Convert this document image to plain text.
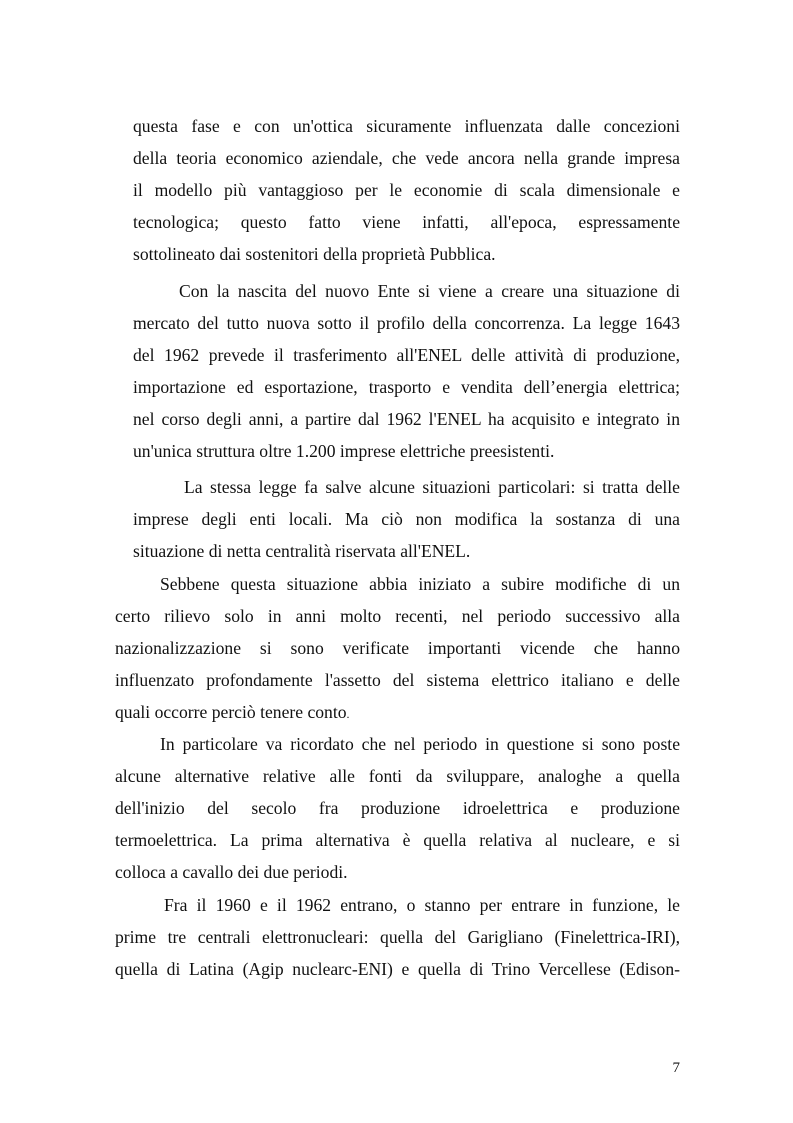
questa fase e con un'ottica sicuramente influenzata dalle concezioni

della teoria economico aziendale, che vede ancora nella grande impresa

il modello più vantaggioso per le economie di scala dimensionale e

tecnologica; questo fatto viene infatti, all'epoca, espressamente

sottolineato dai sostenitori della proprietà Pubblica.

Con la nascita del nuovo Ente si viene a creare una situazione di

mercato del tutto nuova sotto il profilo della concorrenza. La legge 1643

del 1962 prevede il trasferimento all'ENEL delle attività di produzione,

importazione ed esportazione, trasporto e vendita dell’energia elettrica;

nel corso degli anni, a partire dal 1962 l'ENEL ha acquisito e integrato in

un'unica struttura oltre 1.200 imprese elettriche preesistenti.

La stessa legge fa salve alcune situazioni particolari: si tratta delle

imprese degli enti locali. Ma ciò non modifica la sostanza di una

situazione di netta centralità riservata all'ENEL.

Sebbene questa situazione abbia iniziato a subire modifiche di un

certo rilievo solo in anni molto recenti, nel periodo successivo alla

nazionalizzazione si sono verificate importanti vicende che hanno

influenzato profondamente l'assetto del sistema elettrico italiano e delle

quali occorre perciò tenere conto.

In particolare va ricordato che nel periodo in questione si sono poste

alcune alternative relative alle fonti da sviluppare, analoghe a quella

dell'inizio del secolo fra produzione idroelettrica e produzione

termoelettrica. La prima alternativa è quella relativa al nucleare, e si

colloca a cavallo dei due periodi.

Fra il 1960 e il 1962 entrano, o stanno per entrare in funzione, le

prime tre centrali elettronucleari: quella del Garigliano (Finelettrica-IRI),

quella di Latina (Agip nuclearc-ENI) e quella di Trino Vercellese (Edison-

7
